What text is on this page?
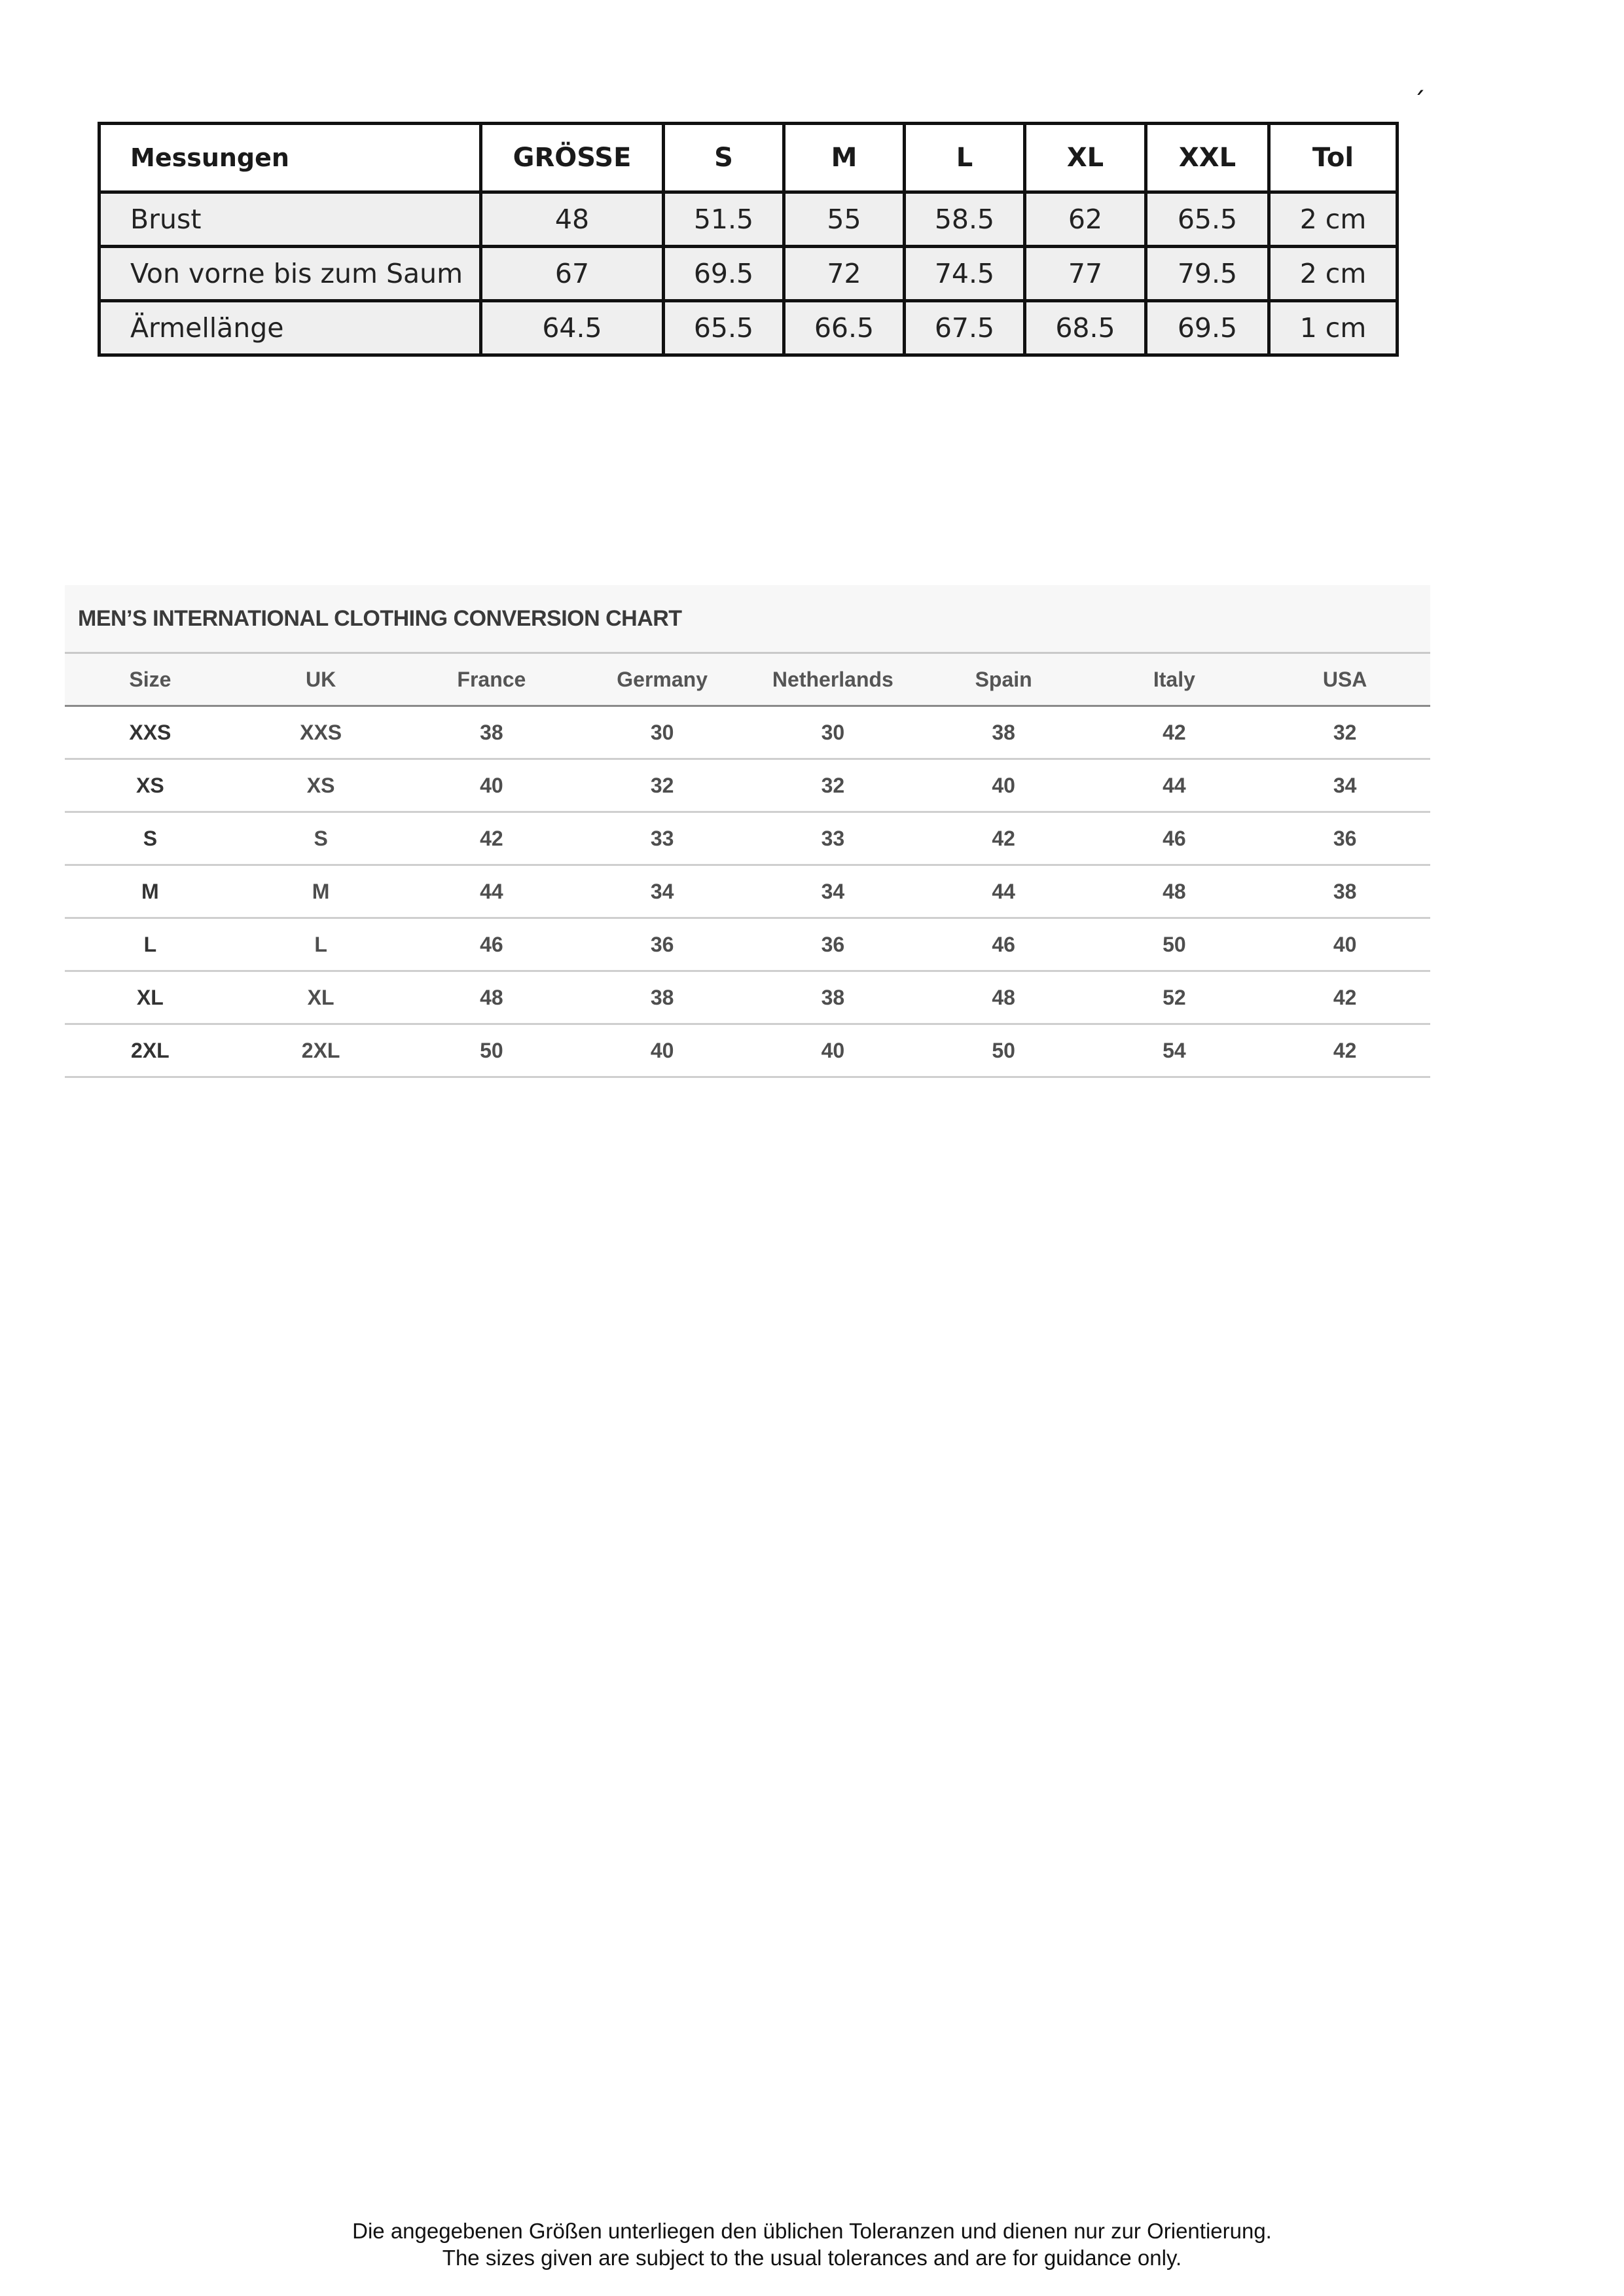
ˊ
Messungen	GRÖSSE	S	M	L	XL	XXL	Tol
Brust	48	51.5	55	58.5	62	65.5	2 cm
Von vorne bis zum Saum	67	69.5	72	74.5	77	79.5	2 cm
Ärmellänge	64.5	65.5	66.5	67.5	68.5	69.5	1 cm
MEN’S INTERNATIONAL CLOTHING CONVERSION CHART
Size	UK	France	Germany	Netherlands	Spain	Italy	USA
XXS	XXS	38	30	30	38	42	32
XS	XS	40	32	32	40	44	34
S	S	42	33	33	42	46	36
M	M	44	34	34	44	48	38
L	L	46	36	36	46	50	40
XL	XL	48	38	38	48	52	42
2XL	2XL	50	40	40	50	54	42
Die angegebenen Größen unterliegen den üblichen Toleranzen und dienen nur zur Orientierung.
The sizes given are subject to the usual tolerances and are for guidance only.
